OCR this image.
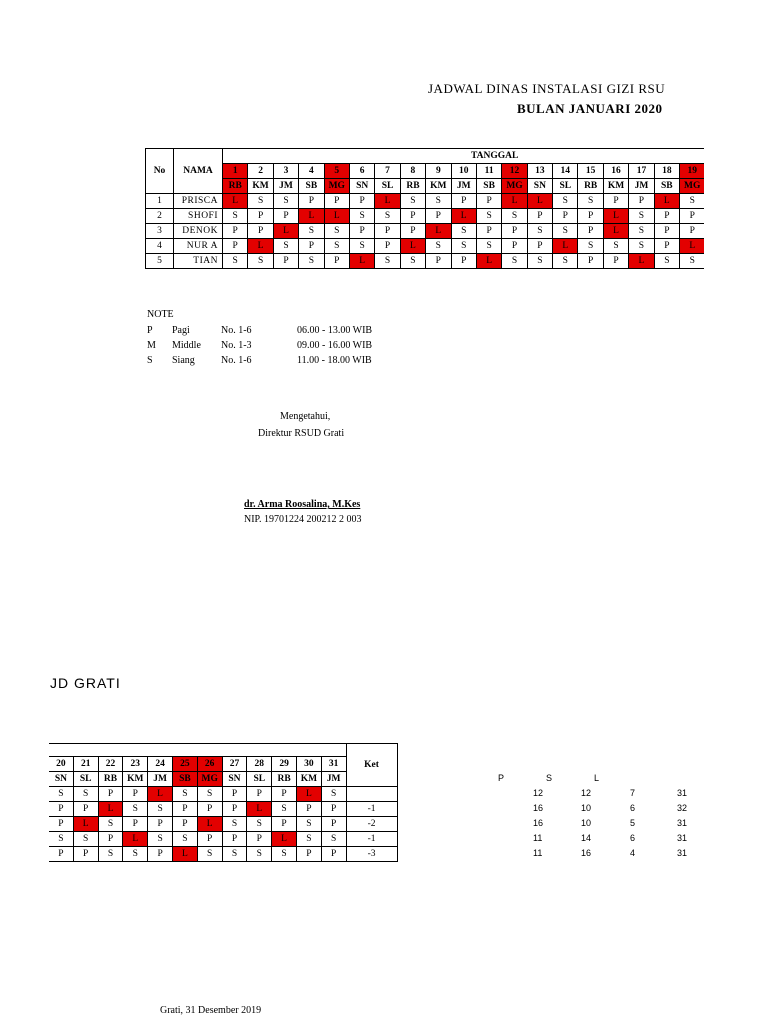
JADWAL DINAS INSTALASI GIZI RSU
BULAN JANUARI 2020
No	NAMA	TANGGAL																		
		1	2	3	4	5	6	7	8	9	10	11	12	13	14	15	16	17	18	19
		RB	KM	JM	SB	MG	SN	SL	RB	KM	JM	SB	MG	SN	SL	RB	KM	JM	SB	MG
1	PRISCA	L	S	S	P	P	P	L	S	S	P	P	L	L	S	S	P	P	L	S
2	SHOFI	S	P	P	L	L	S	S	P	P	L	S	S	P	P	P	L	S	P	P
3	DENOK	P	P	L	S	S	P	P	P	L	S	P	P	S	S	P	L	S	P	P
4	NUR A	P	L	S	P	S	S	P	L	S	S	S	P	P	L	S	S	S	P	L
5	TIAN	S	S	P	S	P	L	S	S	P	P	L	S	S	S	P	P	L	S	S
NOTE
P Pagi	No. 1-6	06.00 - 13.00 WIB
M Middle No. 1-3	09.00 - 16.00 WIB
S Siang	No. 1-6	11.00 - 18.00 WIB
Mengetahui,
Direktur RSUD Grati
dr. Arma Roosalina, M.Kes
NIP. 19701224 200212 2 003
JD GRATI
												Ket
20	21	22	23	24	25	26	27	28	29	30	31	
SN	SL	RB	KM	JM	SB	MG	SN	SL	RB	KM	JM	
S	S	P	P	L	S	S	P	P	P	L	S	
P	P	L	S	S	P	P	P	L	S	P	P	-1
P	L	S	P	P	P	L	S	S	P	S	P	-2
S	S	P	L	S	S	P	P	P	L	S	S	-1
P	P	S	S	P	L	S	S	S	S	P	P	-3
P	S	L
12	12	7	31
16	10	6	32
16	10	5	31
11	14	6	31
11	16	4	31
Grati, 31 Desember 2019
